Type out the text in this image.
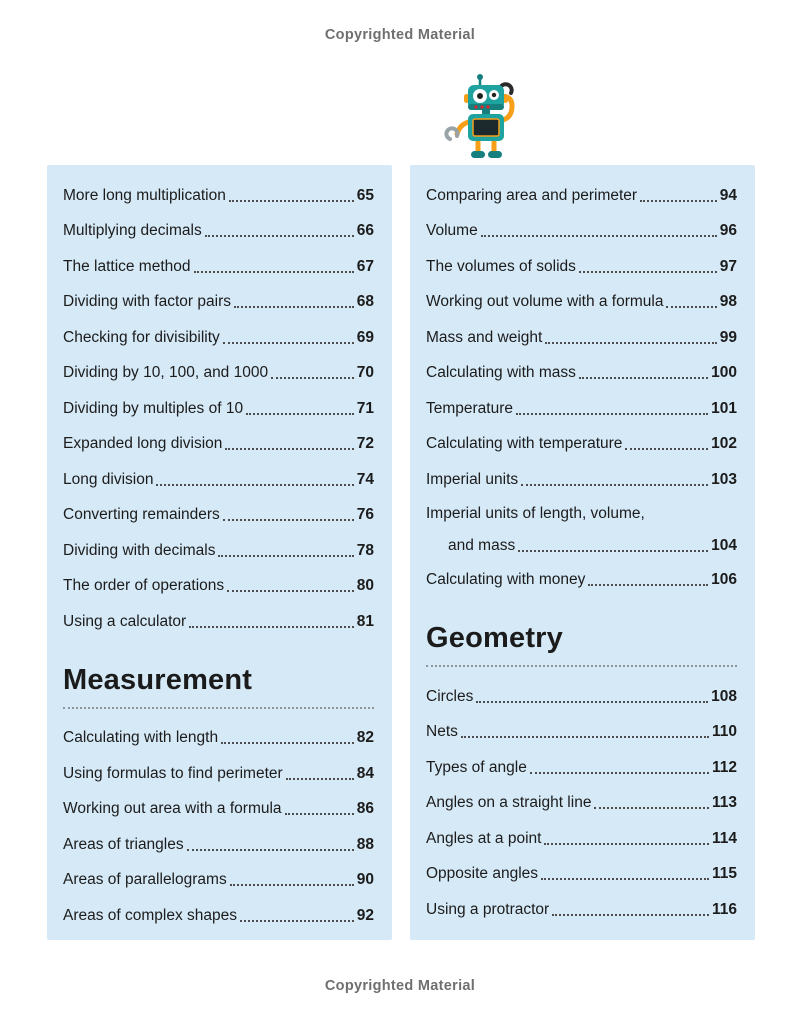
Copyrighted Material
More long multiplication	65
Multiplying decimals	66
The lattice method	67
Dividing with factor pairs	68
Checking for divisibility	69
Dividing by 10, 100, and 1000	70
Dividing by multiples of 10	71
Expanded long division	72
Long division	74
Converting remainders	76
Dividing with decimals	78
The order of operations	80
Using a calculator	81
Measurement
Calculating with length	82
Using formulas to find perimeter	84
Working out area with a formula	86
Areas of triangles	88
Areas of parallelograms	90
Areas of complex shapes	92
Comparing area and perimeter	94
Volume	96
The volumes of solids	97
Working out volume with a formula	98
Mass and weight	99
Calculating with mass	100
Temperature	101
Calculating with temperature	102
Imperial units	103
Imperial units of length, volume,
and mass	104
Calculating with money	106
Geometry
Circles	108
Nets	110
Types of angle	112
Angles on a straight line	113
Angles at a point	114
Opposite angles	115
Using a protractor	116
Copyrighted Material
